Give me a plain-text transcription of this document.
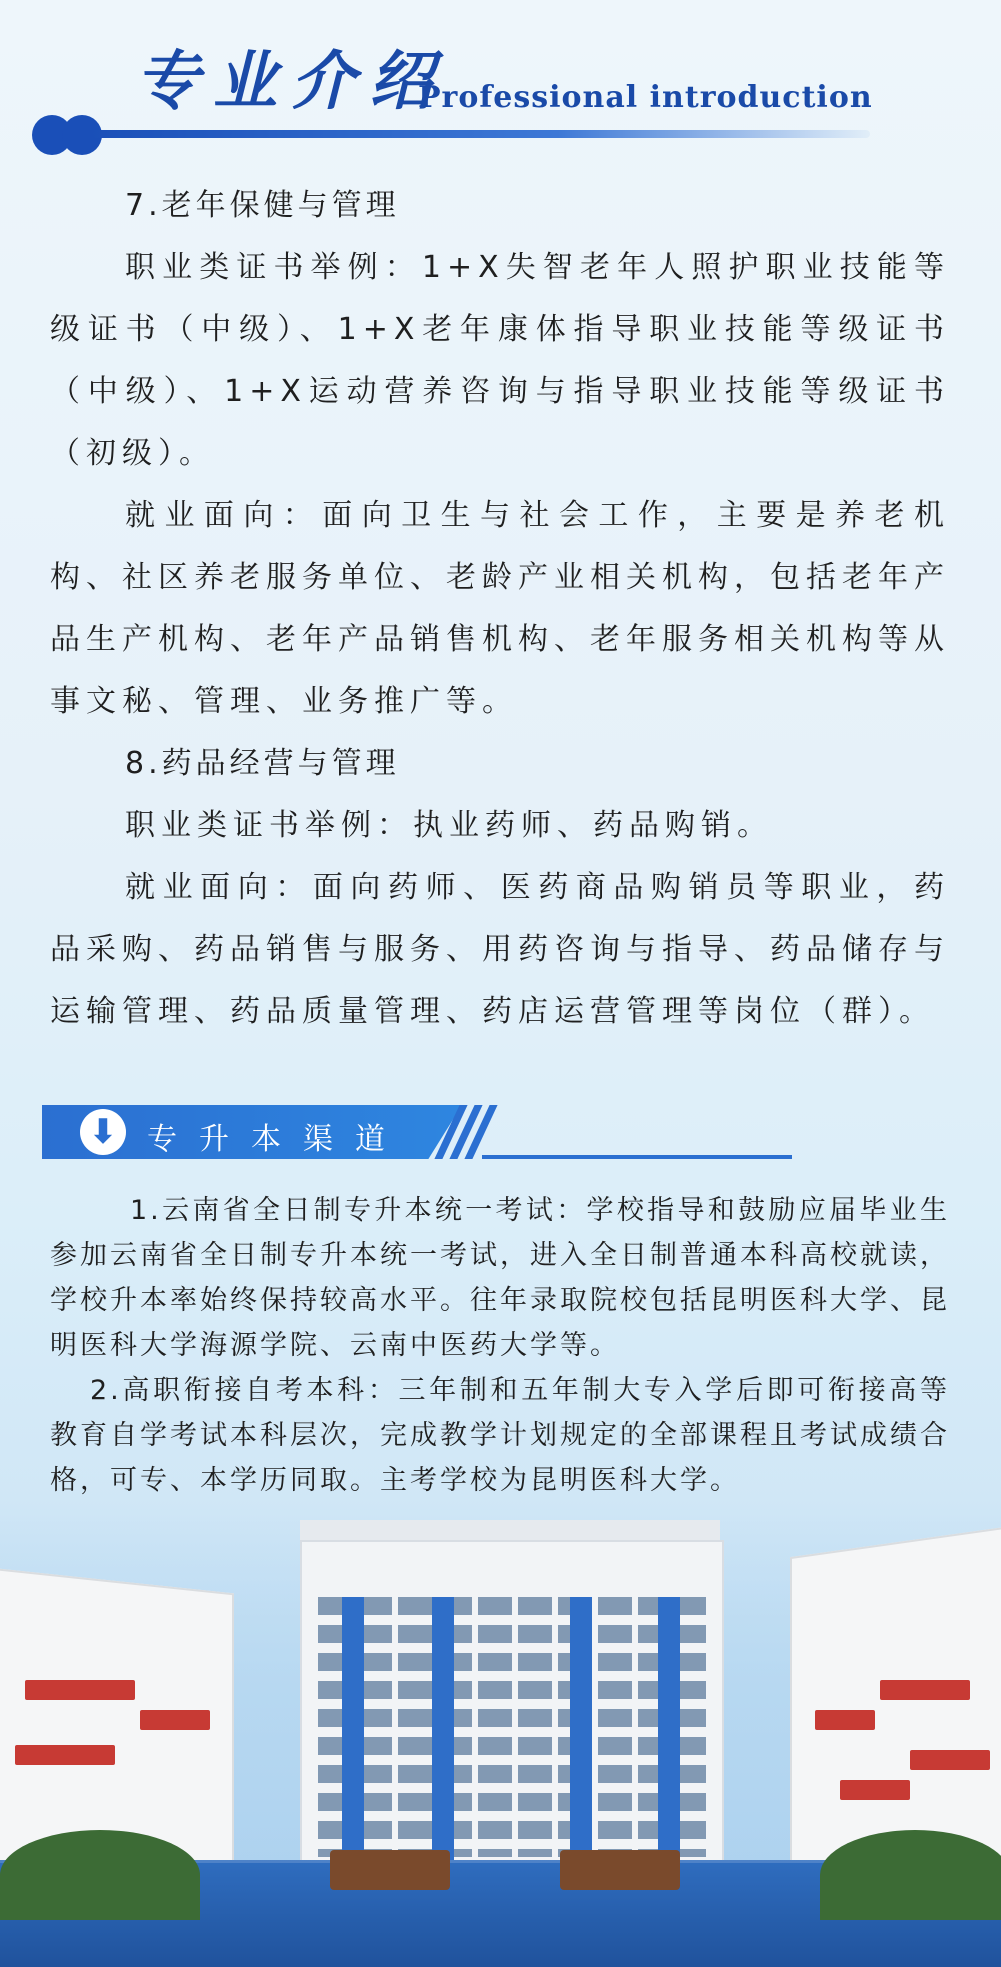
专业介绍
Professional introduction

7.老年保健与管理

职业类证书举例：1+X失智老年人照护职业技能等级证书（中级）、1+X老年康体指导职业技能等级证书（中级）、1+X运动营养咨询与指导职业技能等级证书（初级）。

就业面向：面向卫生与社会工作，主要是养老机构、社区养老服务单位、老龄产业相关机构，包括老年产品生产机构、老年产品销售机构、老年服务相关机构等从事文秘、管理、业务推广等。

8.药品经营与管理

职业类证书举例：执业药师、药品购销。

就业面向：面向药师、医药商品购销员等职业，药品采购、药品销售与服务、用药咨询与指导、药品储存与运输管理、药品质量管理、药店运营管理等岗位（群）。

⬇ 专升本渠道

1.云南省全日制专升本统一考试：学校指导和鼓励应届毕业生参加云南省全日制专升本统一考试，进入全日制普通本科高校就读，学校升本率始终保持较高水平。往年录取院校包括昆明医科大学、昆明医科大学海源学院、云南中医药大学等。

2.高职衔接自考本科：三年制和五年制大专入学后即可衔接高等教育自学考试本科层次，完成教学计划规定的全部课程且考试成绩合格，可专、本学历同取。主考学校为昆明医科大学。
